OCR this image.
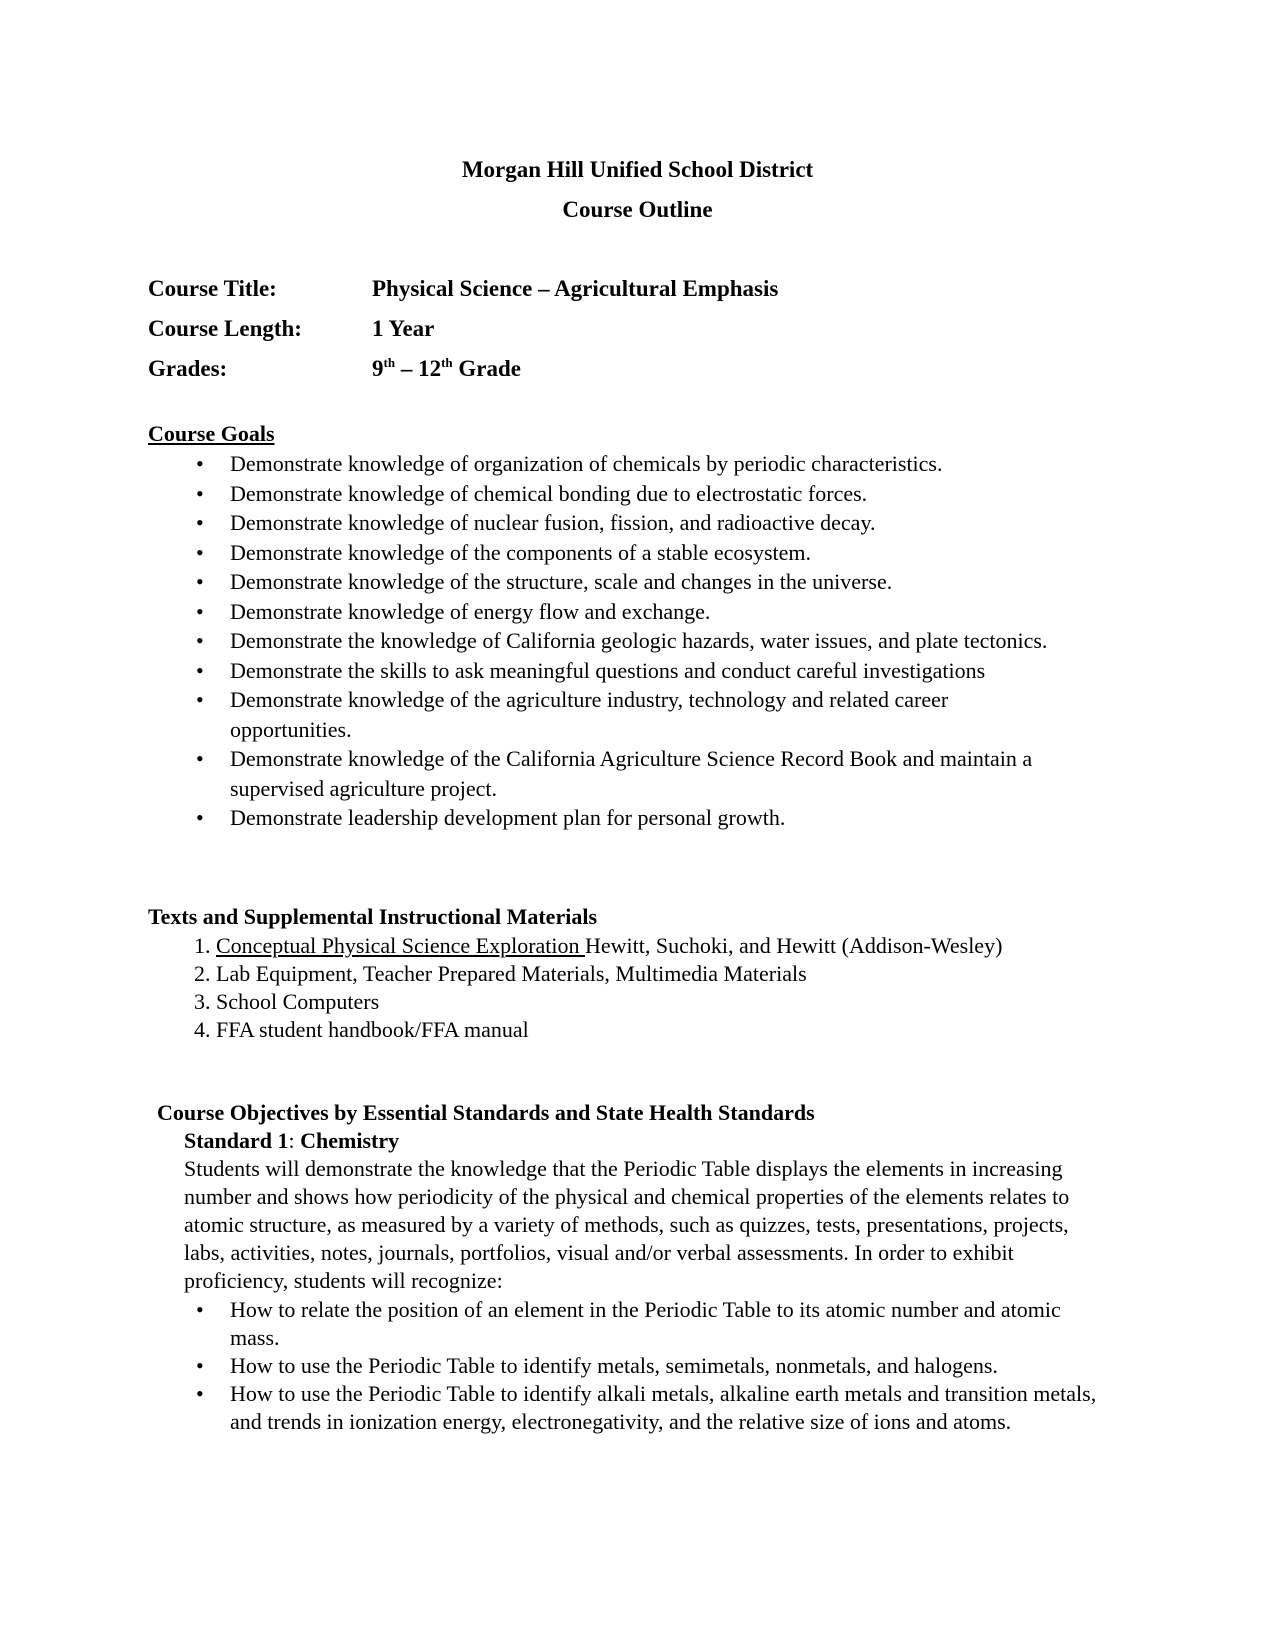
Morgan Hill Unified School District
Course Outline
Course Title:	Physical Science – Agricultural Emphasis
Course Length:	1 Year
Grades:	9th – 12th Grade
Course Goals
• Demonstrate knowledge of organization of chemicals by periodic characteristics.
• Demonstrate knowledge of chemical bonding due to electrostatic forces.
• Demonstrate knowledge of nuclear fusion, fission, and radioactive decay.
• Demonstrate knowledge of the components of a stable ecosystem.
• Demonstrate knowledge of the structure, scale and changes in the universe.
• Demonstrate knowledge of energy flow and exchange.
• Demonstrate the knowledge of California geologic hazards, water issues, and plate tectonics.
• Demonstrate the skills to ask meaningful questions and conduct careful investigations
• Demonstrate knowledge of the agriculture industry, technology and related career opportunities.
• Demonstrate knowledge of the California Agriculture Science Record Book and maintain a supervised agriculture project.
• Demonstrate leadership development plan for personal growth.
Texts and Supplemental Instructional Materials
1. Conceptual Physical Science Exploration Hewitt, Suchoki, and Hewitt (Addison-Wesley)
2. Lab Equipment, Teacher Prepared Materials, Multimedia Materials
3. School Computers
4. FFA student handbook/FFA manual
Course Objectives by Essential Standards and State Health Standards
Standard 1: Chemistry
Students will demonstrate the knowledge that the Periodic Table displays the elements in increasing number and shows how periodicity of the physical and chemical properties of the elements relates to atomic structure, as measured by a variety of methods, such as quizzes, tests, presentations, projects, labs, activities, notes, journals, portfolios, visual and/or verbal assessments. In order to exhibit proficiency, students will recognize:
• How to relate the position of an element in the Periodic Table to its atomic number and atomic mass.
• How to use the Periodic Table to identify metals, semimetals, nonmetals, and halogens.
• How to use the Periodic Table to identify alkali metals, alkaline earth metals and transition metals, and trends in ionization energy, electronegativity, and the relative size of ions and atoms.
